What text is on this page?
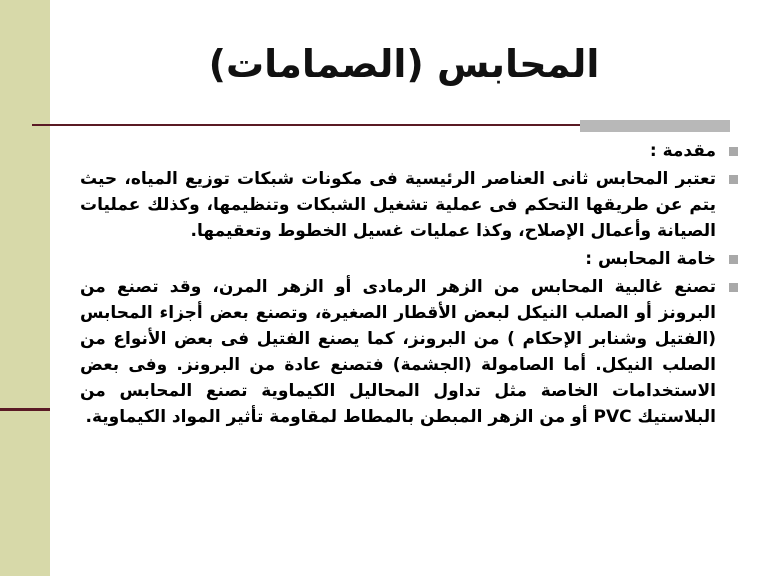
المحابس (الصمامات)
مقدمة :
تعتبر المحابس ثانى العناصر الرئيسية فى مكونات شبكات توزيع المياه، حيث يتم عن طريقها التحكم فى عملية تشغيل الشبكات وتنظيمها، وكذلك عمليات الصيانة وأعمال الإصلاح، وكذا عمليات غسيل الخطوط وتعقيمها.
خامة المحابس :
تصنع غالبية المحابس من الزهر الرمادى أو الزهر المرن، وقد تصنع من البرونز أو الصلب النيكل لبعض الأقطار الصغيرة، وتصنع بعض أجزاء المحابس (الفتيل وشنابر الإحكام ) من البرونز، كما يصنع الفتيل فى بعض الأنواع من الصلب النيكل. أما الصامولة (الجشمة) فتصنع عادة من البرونز. وفى بعض الاستخدامات الخاصة مثل تداول المحاليل الكيماوية تصنع المحابس من البلاستيك PVC أو من الزهر المبطن بالمطاط لمقاومة تأثير المواد الكيماوية.
